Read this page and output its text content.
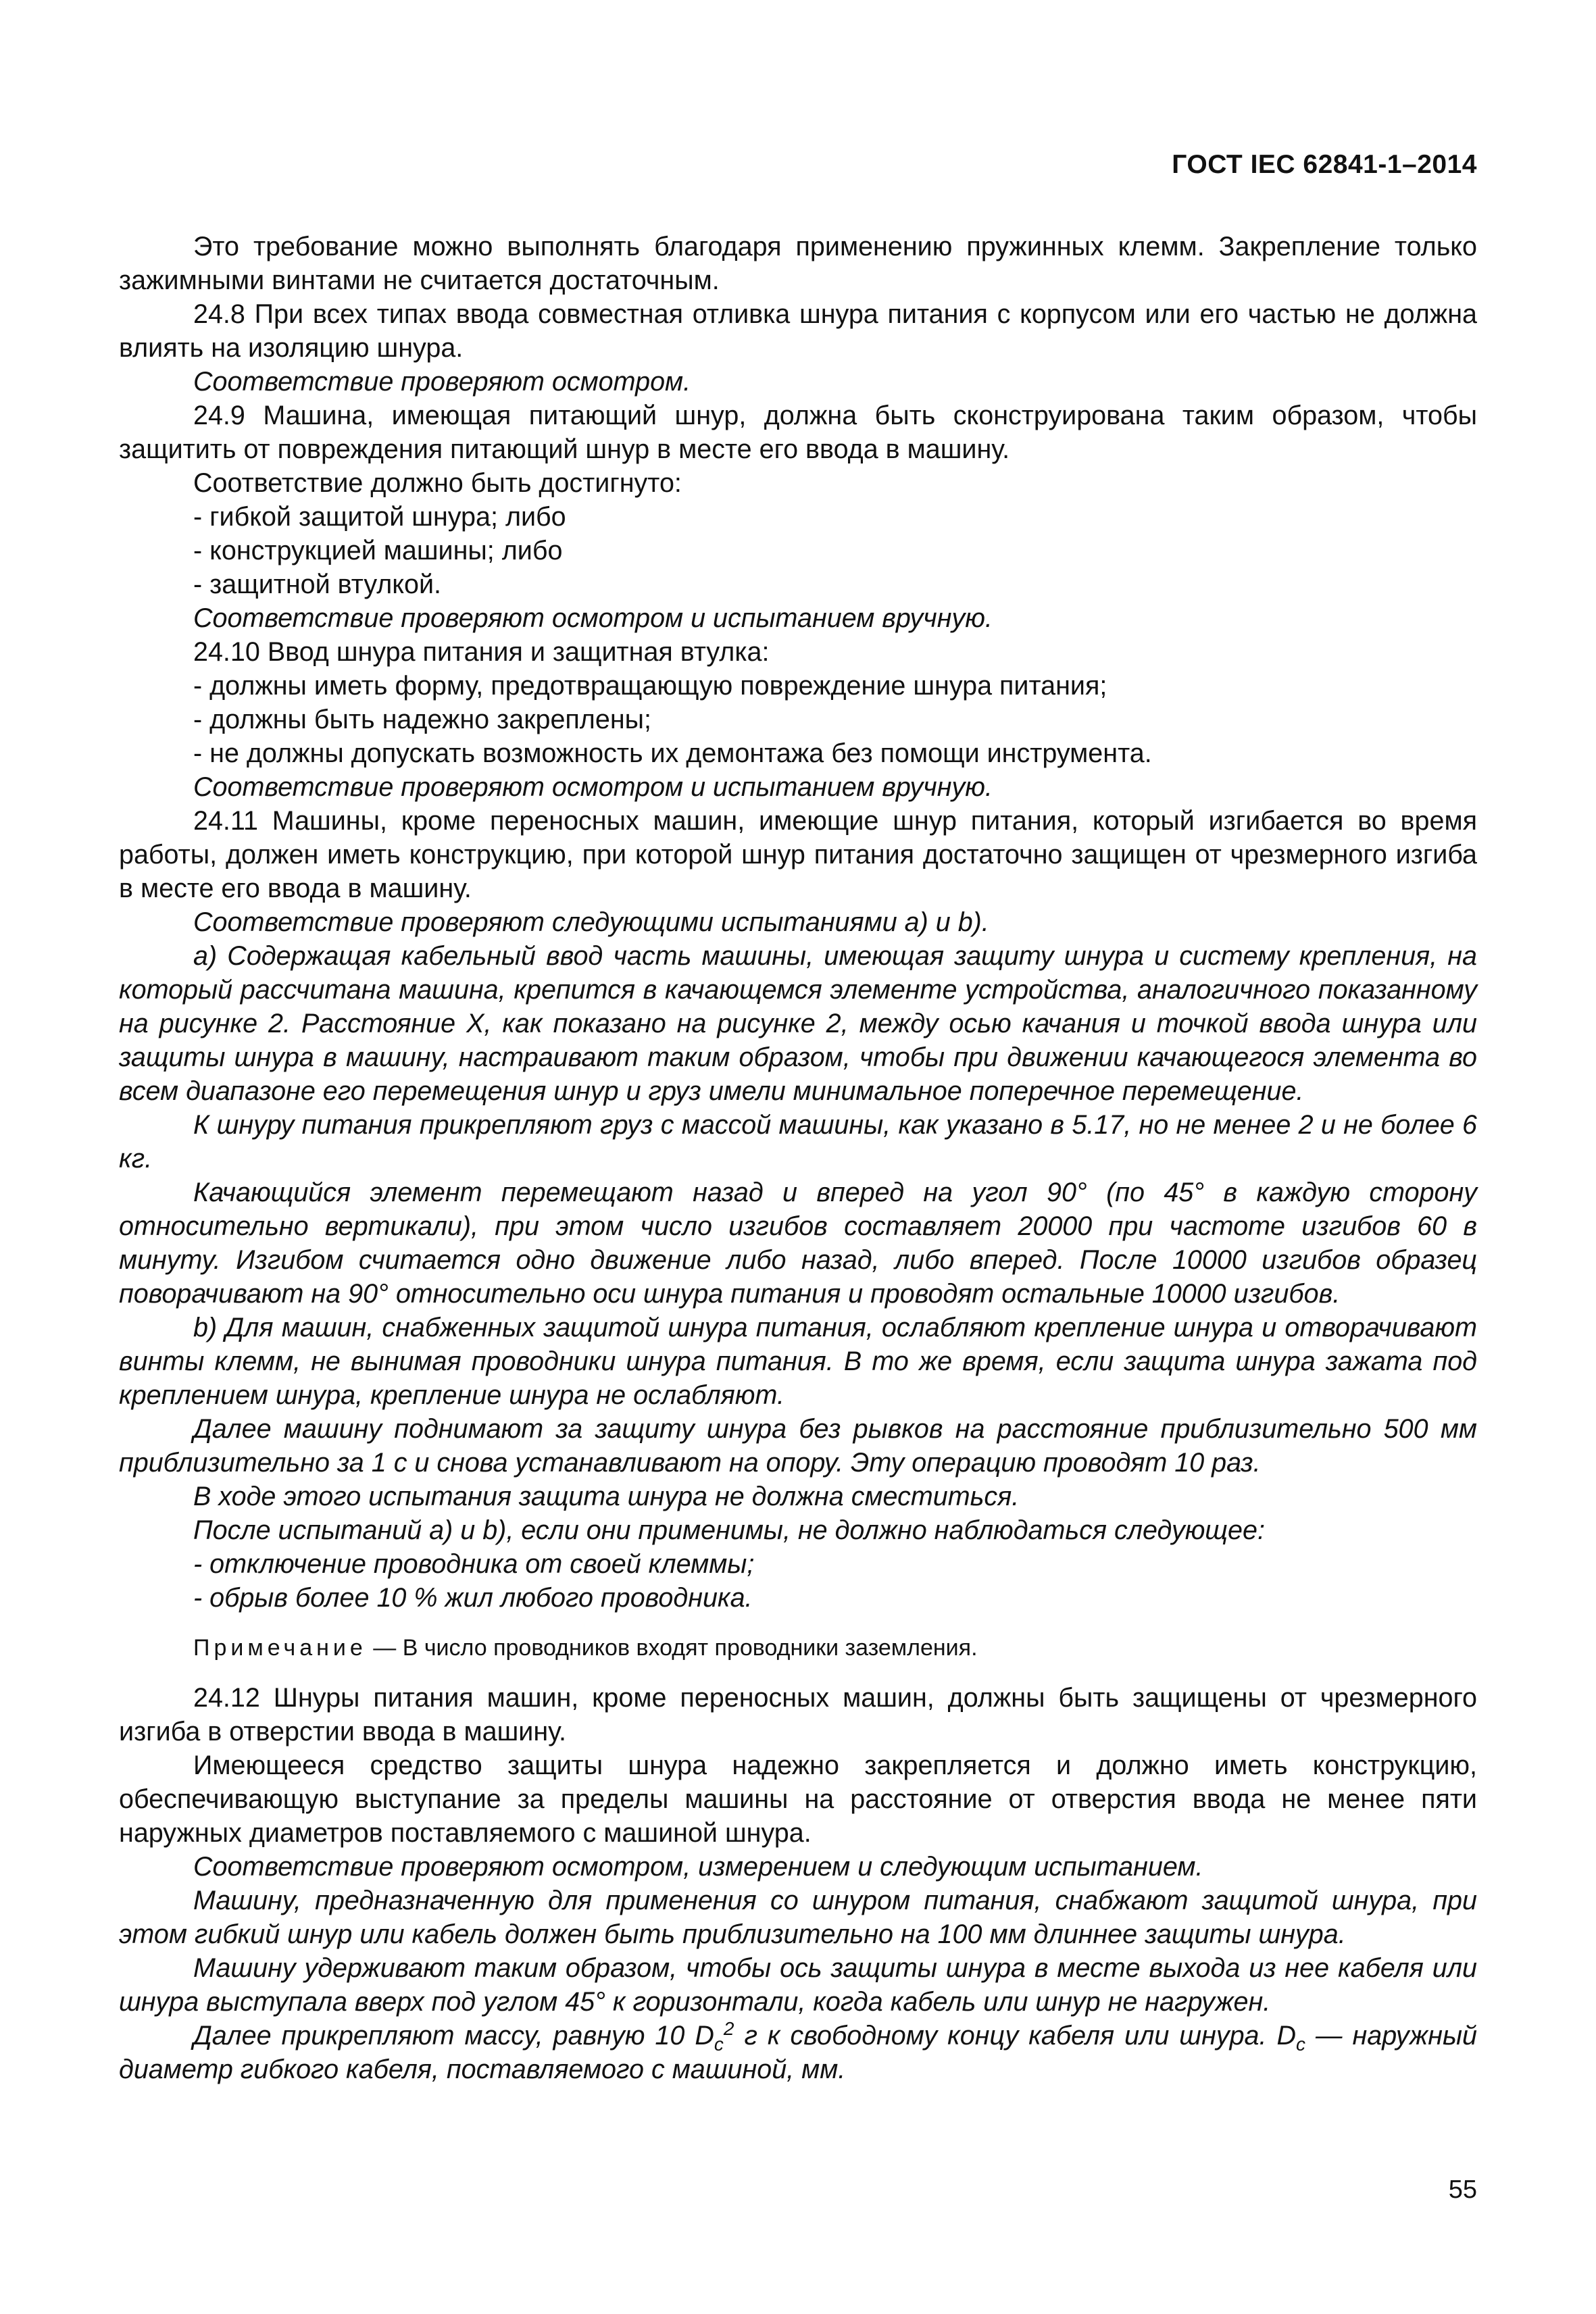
ГОСТ IEC 62841-1–2014

Это требование можно выполнять благодаря применению пружинных клемм. Закрепление только зажимными винтами не считается достаточным.

24.8 При всех типах ввода совместная отливка шнура питания с корпусом или его частью не должна влиять на изоляцию шнура.

Соответствие проверяют осмотром.

24.9 Машина, имеющая питающий шнур, должна быть сконструирована таким образом, чтобы защитить от повреждения питающий шнур в месте его ввода в машину.

Соответствие должно быть достигнуто:

- гибкой защитой шнура; либо

- конструкцией машины; либо

- защитной втулкой.

Соответствие проверяют осмотром и испытанием вручную.

24.10 Ввод шнура питания и защитная втулка:

- должны иметь форму, предотвращающую повреждение шнура питания;

- должны быть надежно закреплены;

- не должны допускать возможность их демонтажа без помощи инструмента.

Соответствие проверяют осмотром и испытанием вручную.

24.11 Машины, кроме переносных машин, имеющие шнур питания, который изгибается во время работы, должен иметь конструкцию, при которой шнур питания достаточно защищен от чрезмерного изгиба в месте его ввода в машину.

Соответствие проверяют следующими испытаниями а) и b).

а) Содержащая кабельный ввод часть машины, имеющая защиту шнура и систему крепления, на который рассчитана машина, крепится в качающемся элементе устройства, аналогичного показанному на рисунке 2. Расстояние X, как показано на рисунке 2, между осью качания и точкой ввода шнура или защиты шнура в машину, настраивают таким образом, чтобы при движении качающегося элемента во всем диапазоне его перемещения шнур и груз имели минимальное поперечное перемещение.

К шнуру питания прикрепляют груз с массой машины, как указано в 5.17, но не менее 2 и не более 6 кг.

Качающийся элемент перемещают назад и вперед на угол 90° (по 45° в каждую сторону относительно вертикали), при этом число изгибов составляет 20000 при частоте изгибов 60 в минуту. Изгибом считается одно движение либо назад, либо вперед. После 10000 изгибов образец поворачивают на 90° относительно оси шнура питания и проводят остальные 10000 изгибов.

b) Для машин, снабженных защитой шнура питания, ослабляют крепление шнура и отворачивают винты клемм, не вынимая проводники шнура питания. В то же время, если защита шнура зажата под креплением шнура, крепление шнура не ослабляют.

Далее машину поднимают за защиту шнура без рывков на расстояние приблизительно 500 мм приблизительно за 1 с и снова устанавливают на опору. Эту операцию проводят 10 раз.

В ходе этого испытания защита шнура не должна сместиться.

После испытаний а) и b), если они применимы, не должно наблюдаться следующее:

- отключение проводника от своей клеммы;

- обрыв более 10 % жил любого проводника.

Примечание — В число проводников входят проводники заземления.

24.12 Шнуры питания машин, кроме переносных машин, должны быть защищены от чрезмерного изгиба в отверстии ввода в машину.

Имеющееся средство защиты шнура надежно закрепляется и должно иметь конструкцию, обеспечивающую выступание за пределы машины на расстояние от отверстия ввода не менее пяти наружных диаметров поставляемого с машиной шнура.

Соответствие проверяют осмотром, измерением и следующим испытанием.

Машину, предназначенную для применения со шнуром питания, снабжают защитой шнура, при этом гибкий шнур или кабель должен быть приблизительно на 100 мм длиннее защиты шнура.

Машину удерживают таким образом, чтобы ось защиты шнура в месте выхода из нее кабеля или шнура выступала вверх под углом 45° к горизонтали, когда кабель или шнур не нагружен.

Далее прикрепляют массу, равную 10 $D_c^2$ г к свободному концу кабеля или шнура. $D_c$ — наружный диаметр гибкого кабеля, поставляемого с машиной, мм.

55
